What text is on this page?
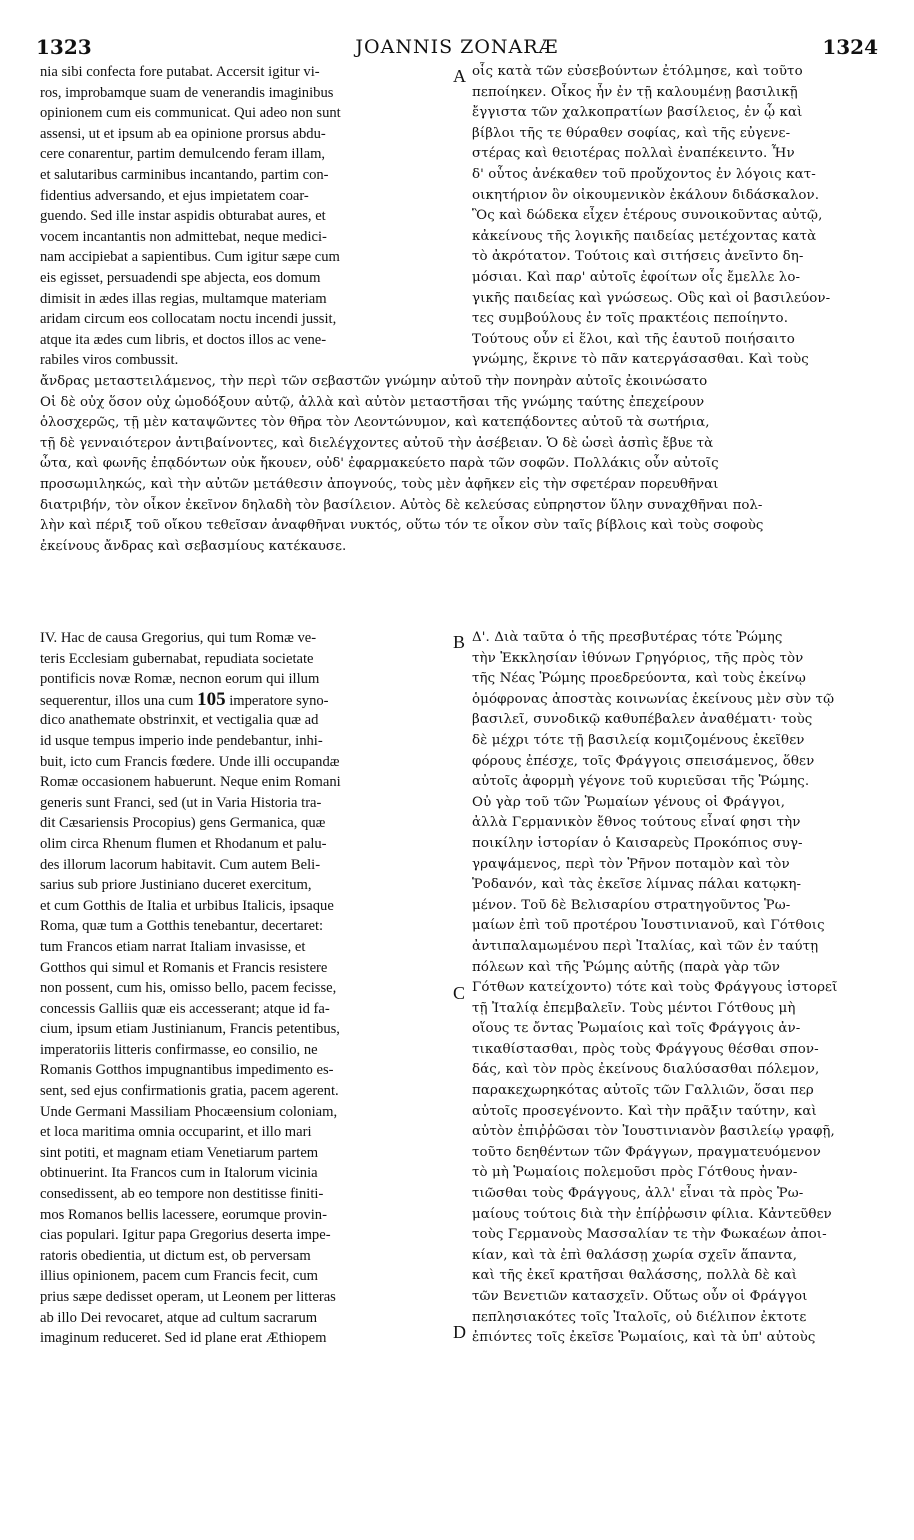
1323	JOANNIS ZONARÆ	1324
nia sibi confecta fore putabat. Accersit igitur vi-
ros, improbamque suam de venerandis imaginibus
opinionem cum eis communicat. Qui adeo non sunt
assensi, ut et ipsum ab ea opinione prorsus abdu-
cere conarentur, partim demulcendo feram illam,
et salutaribus carminibus incantando, partim con-
fidentius adversando, et ejus impietatem coar-
guendo. Sed ille instar aspidis obturabat aures, et
vocem incantantis non admittebat, neque medici-
nam accipiebat a sapientibus. Cum igitur sæpe cum
eis egisset, persuadendi spe abjecta, eos domum
dimisit in ædes illas regias, multamque materiam
aridam circum eos collocatam noctu incendi jussit,
atque ita ædes cum libris, et doctos illos ac vene-
rabiles viros combussit.
A οἷς κατὰ τῶν εὐσεβούντων ἐτόλμησε, καὶ τοῦτο
πεποίηκεν. Οἶκος ἦν ἐν τῇ καλουμένῃ βασιλικῇ
ἔγγιστα τῶν χαλκοπρατίων βασίλειος, ἐν ᾧ καὶ
βίβλοι τῆς τε θύραθεν σοφίας, καὶ τῆς εὐγενε-
στέρας καὶ θειοτέρας πολλαὶ ἐναπέκειντο. Ἦν
δ' οὗτος ἀνέκαθεν τοῦ προὔχοντος ἐν λόγοις κατ-
οικητήριον ὃν οἰκουμενικὸν ἐκάλουν διδάσκαλον.
Ὃς καὶ δώδεκα εἶχεν ἑτέρους συνοικοῦντας αὐτῷ,
κἀκείνους τῆς λογικῆς παιδείας μετέχοντας κατὰ
τὸ ἀκρότατον. Τούτοις καὶ σιτήσεις ἀνεῖντο δη-
μόσιαι. Καὶ παρ' αὐτοῖς ἐφοίτων οἷς ἔμελλε λο-
γικῆς παιδείας καὶ γνώσεως. Οὓς καὶ οἱ βασιλεύον-
τες συμβούλους ἐν τοῖς πρακτέοις πεποίηντο.
Τούτους οὖν εἰ ἕλοι, καὶ τῆς ἑαυτοῦ ποιήσαιτο
γνώμης, ἔκρινε τὸ πᾶν κατεργάσασθαι. Καὶ τοὺς
ἄνδρας μεταστειλάμενος, τὴν περὶ τῶν σεβαστῶν γνώμην αὐτοῦ τὴν πονηρὰν αὐτοῖς ἐκοινώσατο
Οἱ δὲ οὐχ ὅσον οὐχ ὡμοδόξουν αὐτῷ, ἀλλὰ καὶ αὐτὸν μεταστῆσαι τῆς γνώμης ταύτης ἐπεχείρουν
ὁλοσχερῶς, τῇ μὲν καταψῶντες τὸν θῆρα τὸν Λεοντώνυμον, καὶ κατεπᾴδοντες αὐτοῦ τὰ σωτήρια,
τῇ δὲ γενναιότερον ἀντιβαίνοντες, καὶ διελέγχοντες αὐτοῦ τὴν ἀσέβειαν. Ὁ δὲ ὡσεὶ ἀσπὶς ἔβυε τὰ
ὦτα, καὶ φωνῆς ἐπᾳδόντων οὐκ ἤκουεν, οὐδ' ἐφαρμακεύετο παρὰ τῶν σοφῶν. Πολλάκις οὖν αὐτοῖς
προσωμιληκώς, καὶ τὴν αὐτῶν μετάθεσιν ἀπογνούς, τοὺς μὲν ἀφῆκεν εἰς τὴν σφετέραν πορευθῆναι
διατριβήν, τὸν οἶκον ἐκεῖνον δηλαδὴ τὸν βασίλειον. Αὐτὸς δὲ κελεύσας εὐπρηστον ὕλην συναχθῆναι πολ-
λὴν καὶ πέριξ τοῦ οἴκου τεθεῖσαν ἀναφθῆναι νυκτός, οὕτω τόν τε οἶκον σὺν ταῖς βίβλοις καὶ τοὺς σοφοὺς
ἐκείνους ἄνδρας καὶ σεβασμίους κατέκαυσε.
B
IV. Hac de causa Gregorius, qui tum Romæ ve-
teris Ecclesiam gubernabat, repudiata societate
pontificis novæ Romæ, necnon eorum qui illum
sequerentur, illos una cum 105 imperatore syno-
dico anathemate obstrinxit, et vectigalia quæ ad
id usque tempus imperio inde pendebantur, inhi-
buit, icto cum Francis fœdere. Unde illi occupandæ
Romæ occasionem habuerunt. Neque enim Romani
generis sunt Franci, sed (ut in Varia Historia tra-
dit Cæsariensis Procopius) gens Germanica, quæ
olim circa Rhenum flumen et Rhodanum et palu-
des illorum lacorum habitavit. Cum autem Beli-
sarius sub priore Justiniano duceret exercitum,
et cum Gotthis de Italia et urbibus Italicis, ipsaque
Roma, quæ tum a Gotthis tenebantur, decertaret:
tum Francos etiam narrat Italiam invasisse, et
Gotthos qui simul et Romanis et Francis resistere
non possent, cum his, omisso bello, pacem fecisse,
concessis Galliis quæ eis accesserant; atque id fa-
cium, ipsum etiam Justinianum, Francis petentibus,
imperatoriis litteris confirmasse, eo consilio, ne
Romanis Gotthos impugnantibus impedimento es-
sent, sed ejus confirmationis gratia, pacem agerent.
Unde Germani Massiliam Phocæensium coloniam,
et loca maritima omnia occuparint, et illo mari
sint potiti, et magnam etiam Venetiarum partem
obtinuerint. Ita Francos cum in Italorum vicinia
consedissent, ab eo tempore non destitisse finiti-
mos Romanos bellis lacessere, eorumque provin-
cias populari. Igitur papa Gregorius deserta impe-
ratoris obedientia, ut dictum est, ob perversam
illius opinionem, pacem cum Francis fecit, cum
prius sæpe dedisset operam, ut Leonem per litteras
ab illo Dei revocaret, atque ad cultum sacrarum
imaginum reduceret. Sed id plane erat Æthiopem
C
D
Δ'. Διὰ ταῦτα ὁ τῆς πρεσβυτέρας τότε Ῥώμης
τὴν Ἐκκλησίαν ἰθύνων Γρηγόριος, τῆς πρὸς τὸν
τῆς Νέας Ῥώμης προεδρεύοντα, καὶ τοὺς ἐκείνῳ
ὁμόφρονας ἀποστὰς κοινωνίας ἐκείνους μὲν σὺν τῷ
βασιλεῖ, συνοδικῷ καθυπέβαλεν ἀναθέματι· τοὺς
δὲ μέχρι τότε τῇ βασιλείᾳ κομιζομένους ἐκεῖθεν
φόρους ἐπέσχε, τοῖς Φράγγοις σπεισάμενος, ὅθεν
αὐτοῖς ἀφορμὴ γέγονε τοῦ κυριεῦσαι τῆς Ῥώμης.
Οὐ γὰρ τοῦ τῶν Ῥωμαίων γένους οἱ Φράγγοι,
ἀλλὰ Γερμανικὸν ἔθνος τούτους εἶναί φησι τὴν
ποικίλην ἱστορίαν ὁ Καισαρεὺς Προκόπιος συγ-
γραψάμενος, περὶ τὸν Ῥῆνον ποταμὸν καὶ τὸν
Ῥοδανόν, καὶ τὰς ἐκεῖσε λίμνας πάλαι κατῳκη-
μένον. Τοῦ δὲ Βελισαρίου στρατηγοῦντος Ῥω-
μαίων ἐπὶ τοῦ προτέρου Ἰουστινιανοῦ, καὶ Γότθοις
ἀντιπαλαμωμένου περὶ Ἰταλίας, καὶ τῶν ἐν ταύτῃ
πόλεων καὶ τῆς Ῥώμης αὐτῆς (παρὰ γὰρ τῶν
Γότθων κατείχοντο) τότε καὶ τοὺς Φράγγους ἱστορεῖ
τῇ Ἰταλίᾳ ἐπεμβαλεῖν. Τοὺς μέντοι Γότθους μὴ
οἵους τε ὄντας Ῥωμαίοις καὶ τοῖς Φράγγοις ἀν-
τικαθίστασθαι, πρὸς τοὺς Φράγγους θέσθαι σπον-
δάς, καὶ τὸν πρὸς ἐκείνους διαλύσασθαι πόλεμον,
παρακεχωρηκότας αὐτοῖς τῶν Γαλλιῶν, ὅσαι περ
αὐτοῖς προσεγένοντο. Καὶ τὴν πρᾶξιν ταύτην, καὶ
αὐτὸν ἐπιῤῥῶσαι τὸν Ἰουστινιανὸν βασιλείῳ γραφῇ,
τοῦτο δεηθέντων τῶν Φράγγων, πραγματευόμενον
τὸ μὴ Ῥωμαίοις πολεμοῦσι πρὸς Γότθους ἠναν-
τιῶσθαι τοὺς Φράγγους, ἀλλ' εἶναι τὰ πρὸς Ῥω-
μαίους τούτοις διὰ τὴν ἐπίῤῥωσιν φίλια. Κἀντεῦθεν
τοὺς Γερμανοὺς Μασσαλίαν τε τὴν Φωκαέων ἀποι-
κίαν, καὶ τὰ ἐπὶ θαλάσσῃ χωρία σχεῖν ἅπαντα,
καὶ τῆς ἐκεῖ κρατῆσαι θαλάσσης, πολλὰ δὲ καὶ
τῶν Βενετιῶν κατασχεῖν. Οὕτως οὖν οἱ Φράγγοι
πεπλησιακότες τοῖς Ἰταλοῖς, οὐ διέλιπον ἐκτοτε
ἐπιόντες τοῖς ἐκεῖσε Ῥωμαίοις, καὶ τὰ ὑπ' αὐτοὺς
